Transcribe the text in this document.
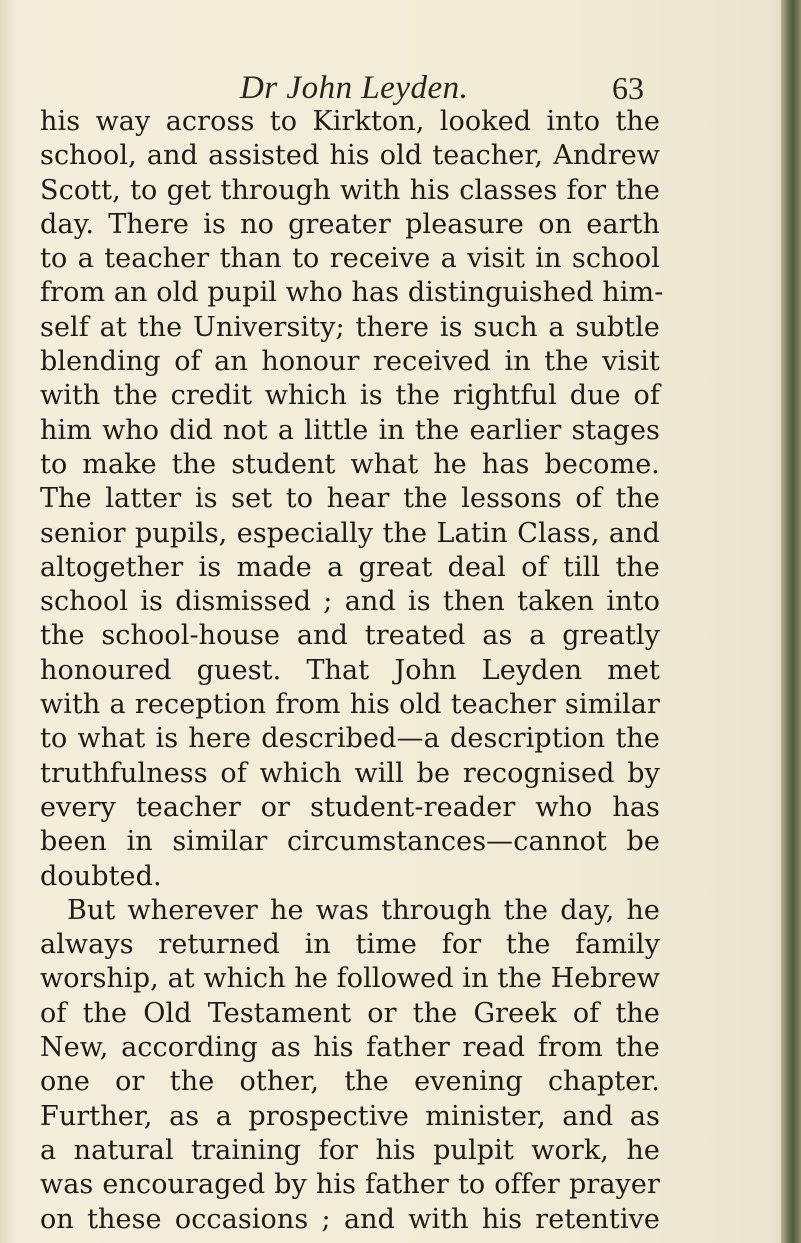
Dr John Leyden.	63
his way across to Kirkton, looked into the
school, and assisted his old teacher, Andrew
Scott, to get through with his classes for the
day. There is no greater pleasure on earth
to a teacher than to receive a visit in school
from an old pupil who has distinguished him-
self at the University; there is such a subtle
blending of an honour received in the visit
with the credit which is the rightful due of
him who did not a little in the earlier stages
to make the student what he has become.
The latter is set to hear the lessons of the
senior pupils, especially the Latin Class, and
altogether is made a great deal of till the
school is dismissed ; and is then taken into
the school-house and treated as a greatly
honoured guest. That John Leyden met
with a reception from his old teacher similar
to what is here described—a description the
truthfulness of which will be recognised by
every teacher or student-reader who has
been in similar circumstances—cannot be
doubted.
But wherever he was through the day, he
always returned in time for the family
worship, at which he followed in the Hebrew
of the Old Testament or the Greek of the
New, according as his father read from the
one or the other, the evening chapter.
Further, as a prospective minister, and as
a natural training for his pulpit work, he
was encouraged by his father to offer prayer
on these occasions ; and with his retentive
